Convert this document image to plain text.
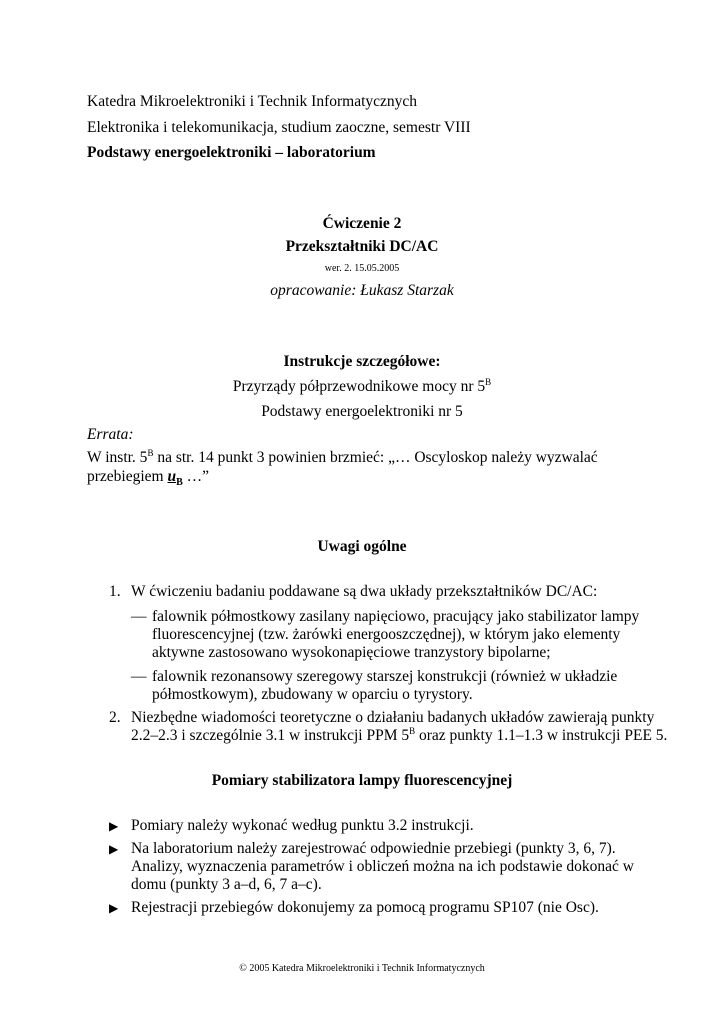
Katedra Mikroelektroniki i Technik Informatycznych
Elektronika i telekomunikacja, studium zaoczne, semestr VIII
Podstawy energoelektroniki – laboratorium
Ćwiczenie 2
Przekształtniki DC/AC
wer. 2. 15.05.2005
opracowanie: Łukasz Starzak
Instrukcje szczegółowe:
Przyrządy półprzewodnikowe mocy nr $5^B$
Podstawy energoelektroniki nr 5
Errata:
W instr. $5^B$ na str. 14 punkt 3 powinien brzmieć: „… Oscyloskop należy wyzwalać
przebiegiem $u_B$ …”
Uwagi ogólne
1. W ćwiczeniu badaniu poddawane są dwa układy przekształtników DC/AC:
— falownik półmostkowy zasilany napięciowo, pracujący jako stabilizator lampy
fluorescencyjnej (tzw. żarówki energooszczędnej), w którym jako elementy
aktywne zastosowano wysokonapięciowe tranzystory bipolarne;
— falownik rezonansowy szeregowy starszej konstrukcji (również w układzie
półmostkowym), zbudowany w oparciu o tyrystory.
2. Niezbędne wiadomości teoretyczne o działaniu badanych układów zawierają punkty
2.2–2.3 i szczególnie 3.1 w instrukcji PPM $5^B$ oraz punkty 1.1–1.3 w instrukcji PEE 5.
Pomiary stabilizatora lampy fluorescencyjnej
▶ Pomiary należy wykonać według punktu 3.2 instrukcji.
▶ Na laboratorium należy zarejestrować odpowiednie przebiegi (punkty 3, 6, 7).
Analizy, wyznaczenia parametrów i obliczeń można na ich podstawie dokonać w
domu (punkty 3 a–d, 6, 7 a–c).
▶ Rejestracji przebiegów dokonujemy za pomocą programu SP107 (nie Osc).
© 2005 Katedra Mikroelektroniki i Technik Informatycznych
